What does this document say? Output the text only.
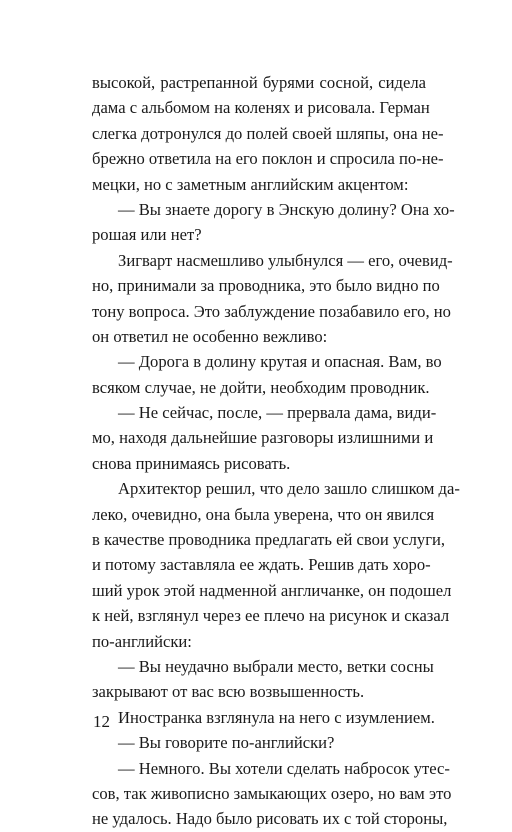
высокой, растрепанной бурями сосной, сидела
дама с альбомом на коленях и рисовала. Герман
слегка дотронулся до полей своей шляпы, она не-
брежно ответила на его поклон и спросила по-не-
мецки, но с заметным английским акцентом:
— Вы знаете дорогу в Энскую долину? Она хо-
рошая или нет?
Зигварт насмешливо улыбнулся — его, очевид-
но, принимали за проводника, это было видно по
тону вопроса. Это заблуждение позабавило его, но
он ответил не особенно вежливо:
— Дорога в долину крутая и опасная. Вам, во
всяком случае, не дойти, необходим проводник.
— Не сейчас, после, — прервала дама, види-
мо, находя дальнейшие разговоры излишними и
снова принимаясь рисовать.
Архитектор решил, что дело зашло слишком да-
леко, очевидно, она была уверена, что он явился
в качестве проводника предлагать ей свои услуги,
и потому заставляла ее ждать. Решив дать хоро-
ший урок этой надменной англичанке, он подошел
к ней, взглянул через ее плечо на рисунок и сказал
по-английски:
— Вы неудачно выбрали место, ветки сосны
закрывают от вас всю возвышенность.
Иностранка взглянула на него с изумлением.
— Вы говорите по-английски?
— Немного. Вы хотели сделать набросок утес-
сов, так живописно замыкающих озеро, но вам это
не удалось. Надо было рисовать их с той стороны,
12
